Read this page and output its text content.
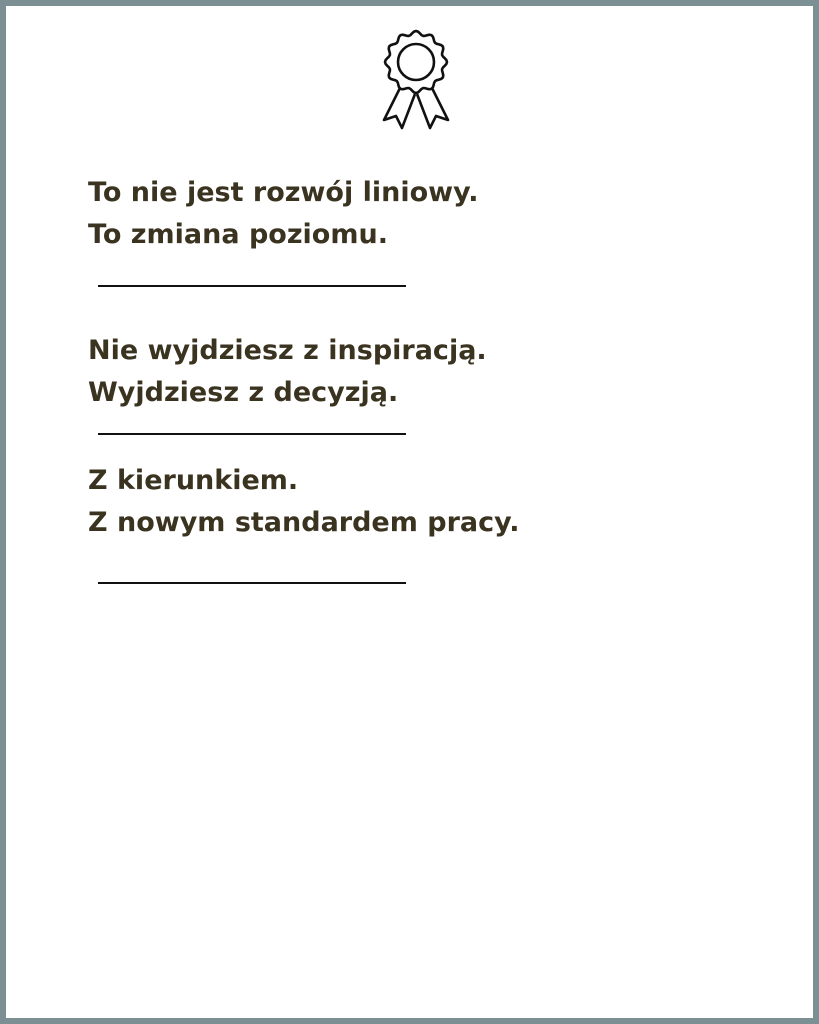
To nie jest rozwój liniowy.
To zmiana poziomu.
Nie wyjdziesz z inspiracją.
Wyjdziesz z decyzją.
Z kierunkiem.
Z nowym standardem pracy.
